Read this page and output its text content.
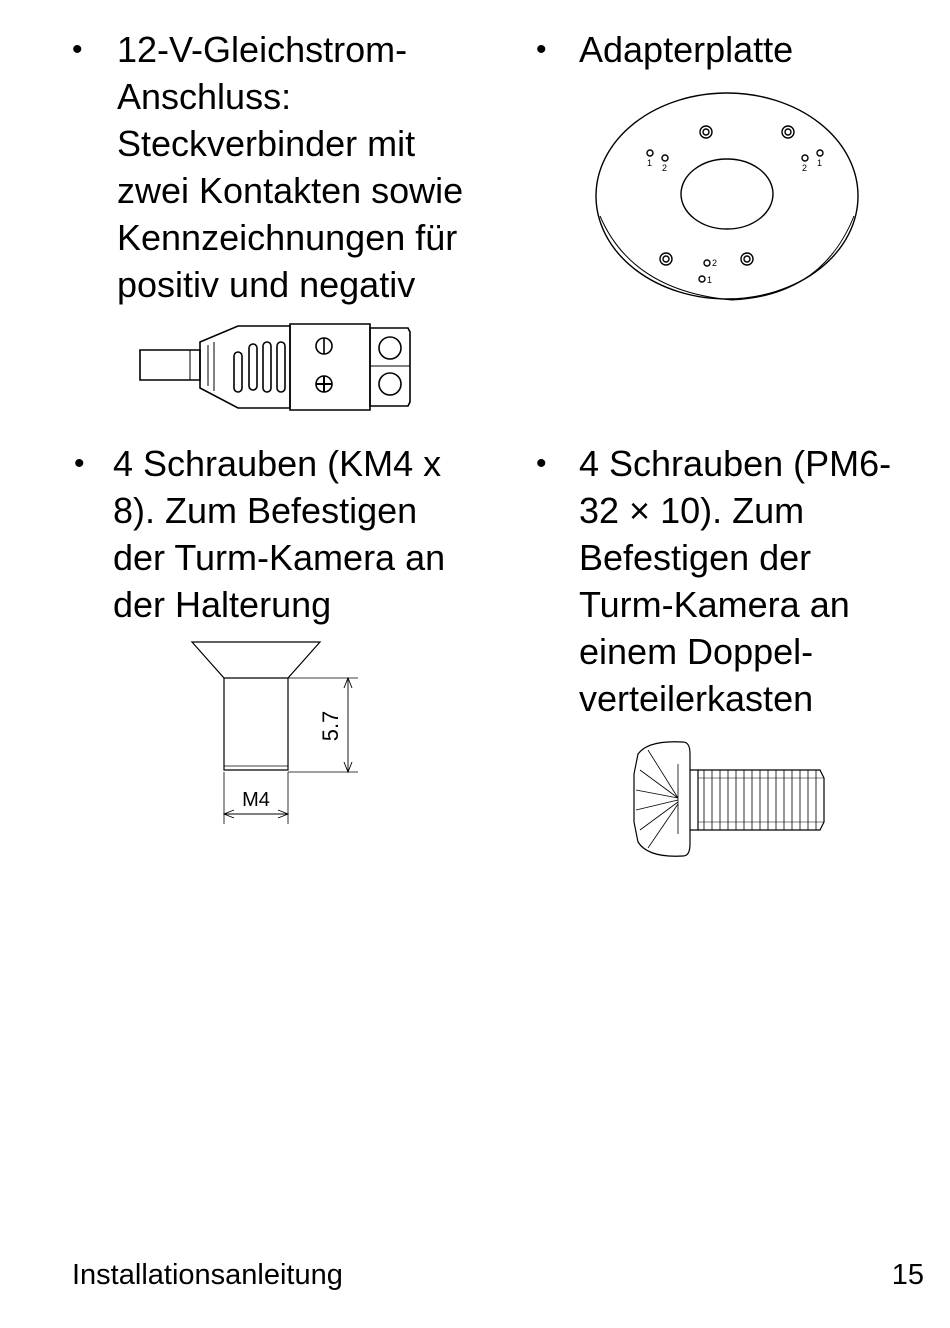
• 12-V-Gleichstrom-
Anschluss:
Steckverbinder mit
zwei Kontakten sowie
Kennzeichnungen für
positiv und negativ
• Adapterplatte
• 4 Schrauben (KM4 x
8). Zum Befestigen
der Turm-Kamera an
der Halterung
• 4 Schrauben (PM6-
32 × 10). Zum
Befestigen der
Turm-Kamera an
einem Doppel-
verteilerkasten
1 2	2 1
2
1
5.7
M4
Installationsanleitung	15
